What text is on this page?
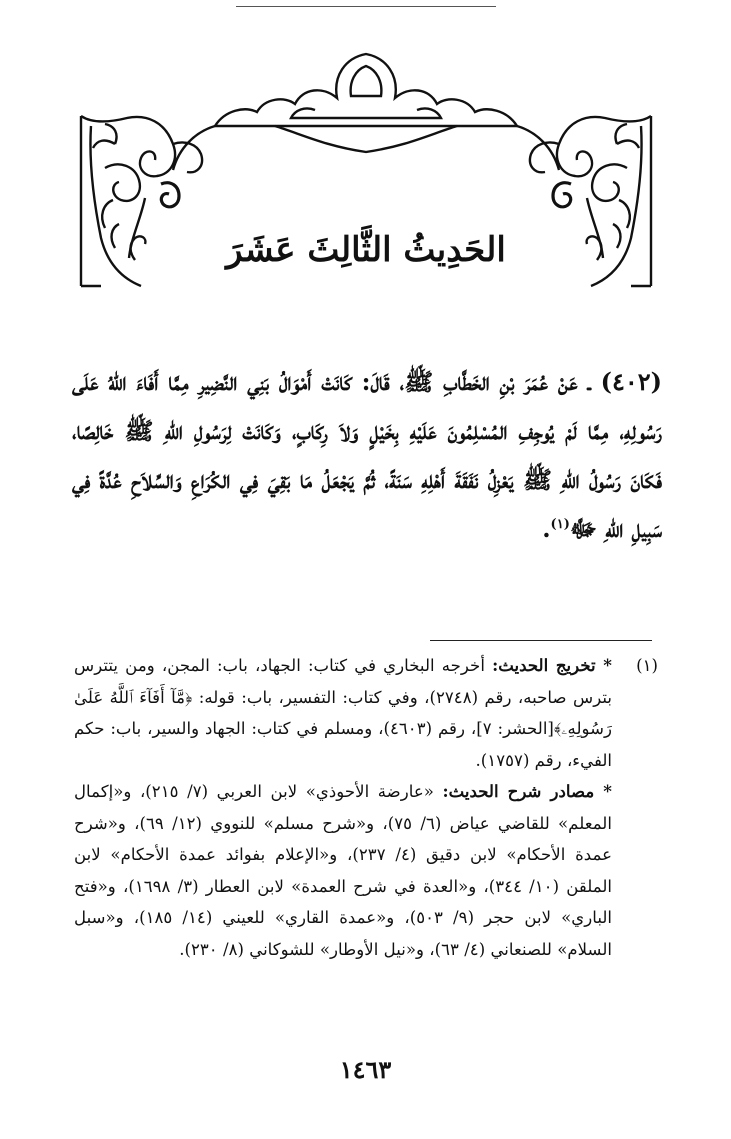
الحَدِيثُ الثَّالِثَ عَشَرَ

(٤٠٢) ـ عَنْ عُمَرَ بْنِ الخَطَّابِ ﷺ، قَالَ: كَانَتْ أَمْوَالُ بَنِي النَّضِيرِ مِمَّا أَفَاءَ اللهُ عَلَى رَسُولِهِ، مِمَّا لَمْ يُوجِفِ المُسْلِمُونَ عَلَيْهِ بِخَيْلٍ وَلاَ رِكَابٍ، وَكَانَتْ لِرَسُولِ اللهِ ﷺ خَالِصًا، فَكَانَ رَسُولُ اللهِ ﷺ يَعْزِلُ نَفَقَةَ أَهْلِهِ سَنَةً، ثُمَّ يَجْعَلُ مَا بَقِيَ فِي الكُرَاعِ وَالسِّلاَحِ عُدَّةً فِي سَبِيلِ اللهِ ﷻ$^{(١)}$.

(١)

* تخريج الحديث: أخرجه البخاري في كتاب: الجهاد، باب: المجن، ومن يتترس بترس صاحبه، رقم (٢٧٤٨)، وفي كتاب: التفسير، باب: قوله: ﴿مَّآ أَفَآءَ ٱللَّهُ عَلَىٰ رَسُولِهِۦ﴾[الحشر: ٧]، رقم (٤٦٠٣)، ومسلم في كتاب: الجهاد والسير، باب: حكم الفيء، رقم (١٧٥٧).

* مصادر شرح الحديث: «عارضة الأحوذي» لابن العربي (٧/ ٢١٥)، و«إكمال المعلم» للقاضي عياض (٦/ ٧٥)، و«شرح مسلم» للنووي (١٢/ ٦٩)، و«شرح عمدة الأحكام» لابن دقيق (٤/ ٢٣٧)، و«الإعلام بفوائد عمدة الأحكام» لابن الملقن (١٠/ ٣٤٤)، و«العدة في شرح العمدة» لابن العطار (٣/ ١٦٩٨)، و«فتح الباري» لابن حجر (٩/ ٥٠٣)، و«عمدة القاري» للعيني (١٤/ ١٨٥)، و«سبل السلام» للصنعاني (٤/ ٦٣)، و«نيل الأوطار» للشوكاني (٨/ ٢٣٠).

١٤٦٣
